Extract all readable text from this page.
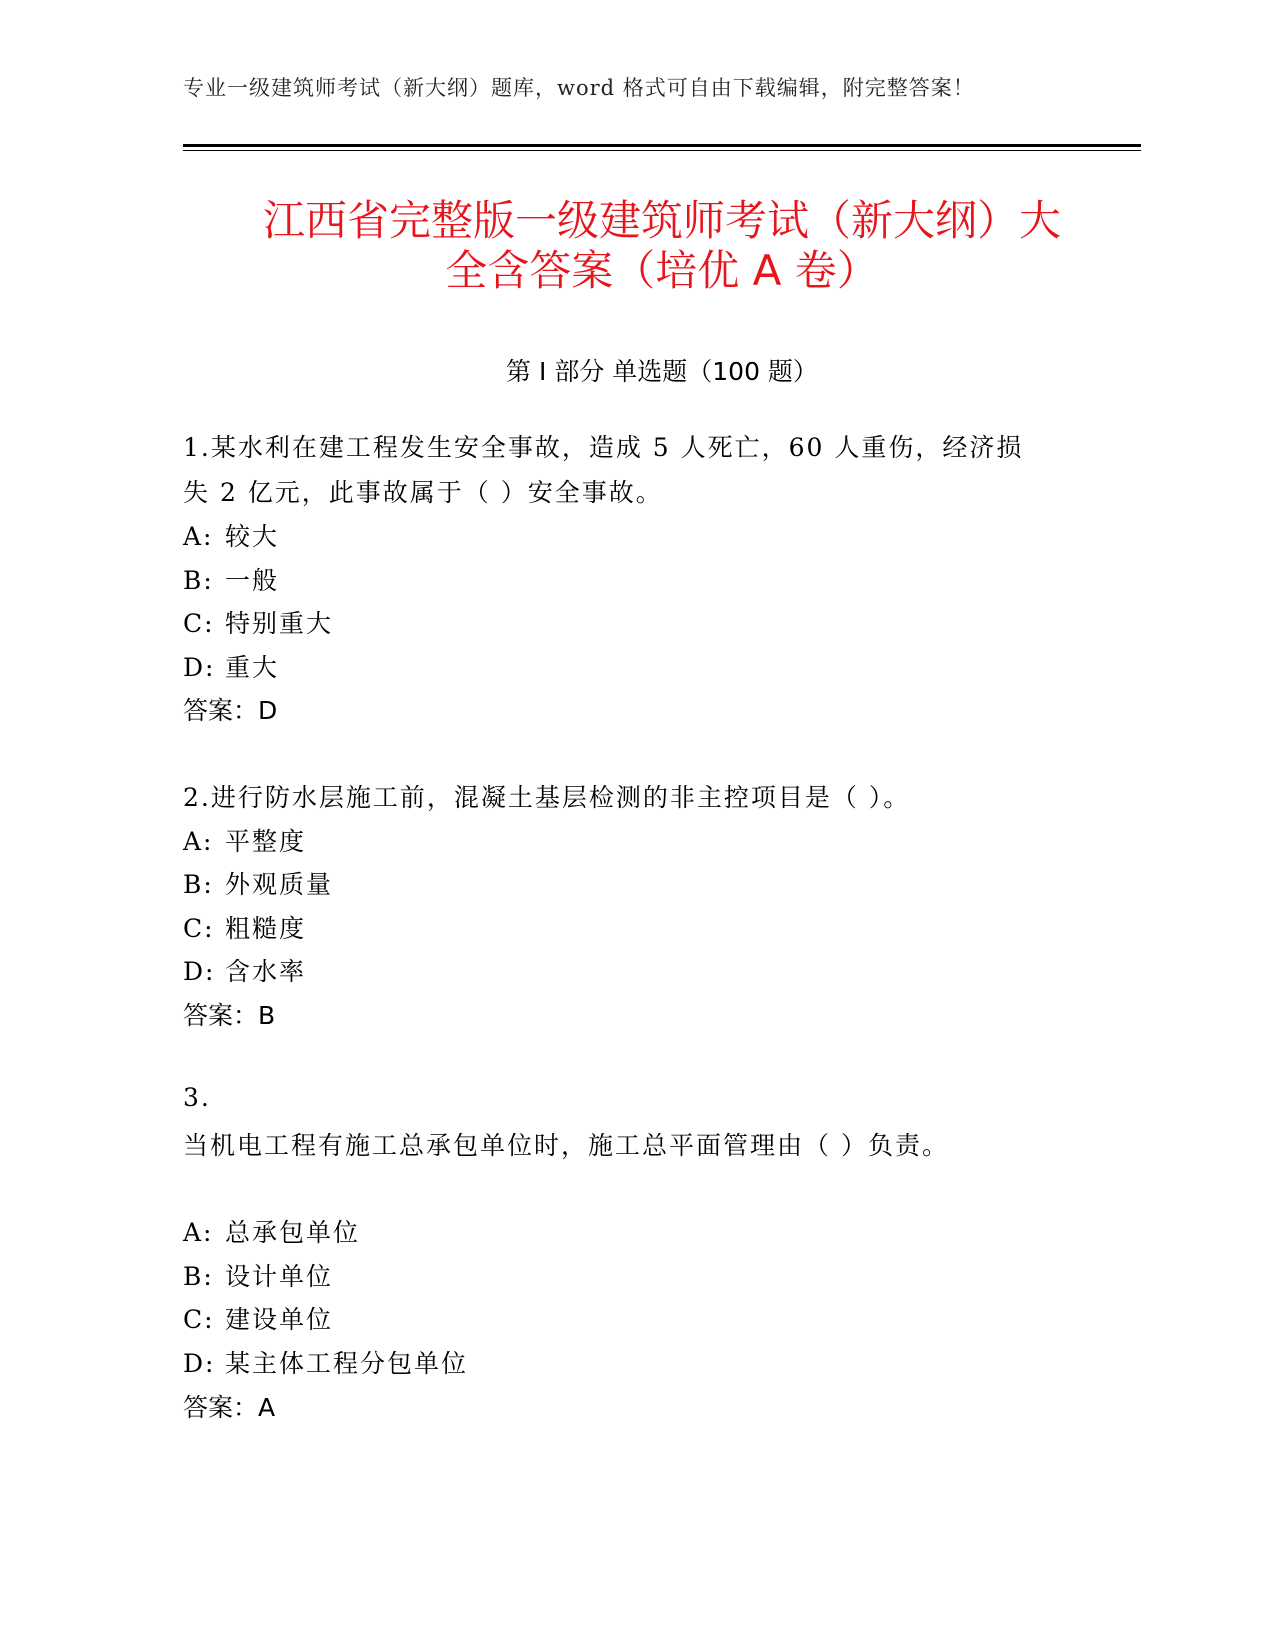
专业一级建筑师考试（新大纲）题库，word 格式可自由下载编辑，附完整答案！
江西省完整版一级建筑师考试（新大纲）大
全含答案（培优 A 卷）
第 I 部分 单选题（100 题）
1.某水利在建工程发生安全事故，造成 5 人死亡，60 人重伤，经济损
失 2 亿元，此事故属于（ ）安全事故。
A: 较大
B: 一般
C: 特别重大
D: 重大
答案：D
2.进行防水层施工前，混凝土基层检测的非主控项目是（ ）。
A: 平整度
B: 外观质量
C: 粗糙度
D: 含水率
答案：B
3.
当机电工程有施工总承包单位时，施工总平面管理由（ ）负责。
A: 总承包单位
B: 设计单位
C: 建设单位
D: 某主体工程分包单位
答案：A
